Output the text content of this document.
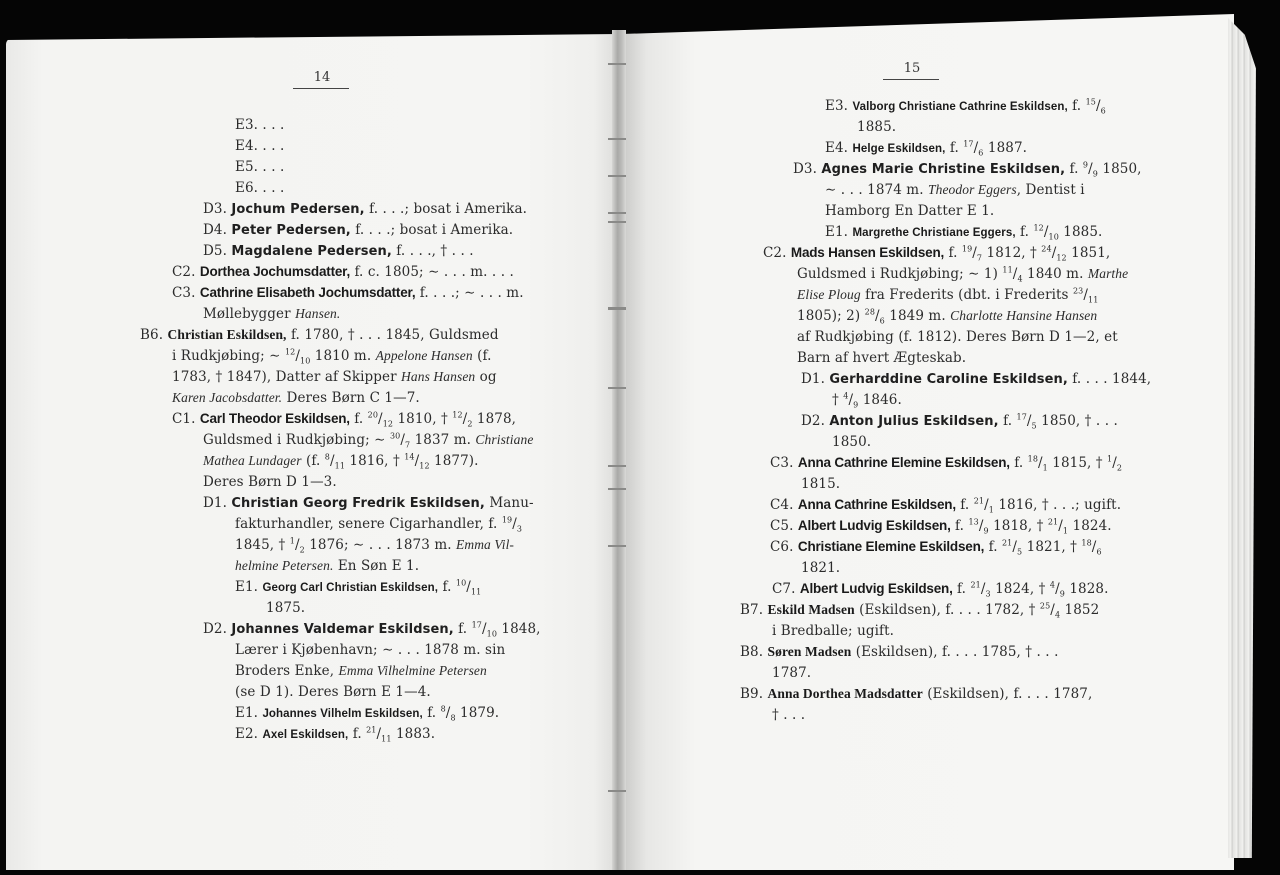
14
15
E3. . . .
E4. . . .
E5. . . .
E6. . . .
D3. Jochum Pedersen, f. . . .; bosat i Amerika.
D4. Peter Pedersen, f. . . .; bosat i Amerika.
D5. Magdalene Pedersen, f. . . ., † . . .
C2. Dorthea Jochumsdatter, f. c. 1805; ∼ . . . m. . . .
C3. Cathrine Elisabeth Jochumsdatter, f. . . .; ∼ . . . m.
Møllebygger Hansen.
B6. Christian Eskildsen, f. 1780, † . . . 1845, Guldsmed
i Rudkjøbing; ∼ $^{12}/_{10}$ 1810 m. Appelone Hansen (f.
1783, † 1847), Datter af Skipper Hans Hansen og
Karen Jacobsdatter. Deres Børn C 1—7.
C1. Carl Theodor Eskildsen, f. $^{20}/_{12}$ 1810, † $^{12}/_2$ 1878,
Guldsmed i Rudkjøbing; ∼ $^{30}/_7$ 1837 m. Christiane
Mathea Lundager (f. $^8/_{11}$ 1816, † $^{14}/_{12}$ 1877).
Deres Børn D 1—3.
D1. Christian Georg Fredrik Eskildsen, Manu-
fakturhandler, senere Cigarhandler, f. $^{19}/_3$
1845, † $^1/_2$ 1876; ∼ . . . 1873 m. Emma Vil-
helmine Petersen. En Søn E 1.
E1. Georg Carl Christian Eskildsen, f. $^{10}/_{11}$
1875.
D2. Johannes Valdemar Eskildsen, f. $^{17}/_{10}$ 1848,
Lærer i Kjøbenhavn; ∼ . . . 1878 m. sin
Broders Enke, Emma Vilhelmine Petersen
(se D 1). Deres Børn E 1—4.
E1. Johannes Vilhelm Eskildsen, f. $^8/_8$ 1879.
E2. Axel Eskildsen, f. $^{21}/_{11}$ 1883.
E3. Valborg Christiane Cathrine Eskildsen, f. $^{15}/_6$
1885.
E4. Helge Eskildsen, f. $^{17}/_6$ 1887.
D3. Agnes Marie Christine Eskildsen, f. $^9/_9$ 1850,
∼ . . . 1874 m. Theodor Eggers, Dentist i
Hamborg En Datter E 1.
E1. Margrethe Christiane Eggers, f. $^{12}/_{10}$ 1885.
C2. Mads Hansen Eskildsen, f. $^{19}/_7$ 1812, † $^{24}/_{12}$ 1851,
Guldsmed i Rudkjøbing; ∼ 1) $^{11}/_4$ 1840 m. Marthe
Elise Ploug fra Frederits (dbt. i Frederits $^{23}/_{11}$
1805); 2) $^{28}/_6$ 1849 m. Charlotte Hansine Hansen
af Rudkjøbing (f. 1812). Deres Børn D 1—2, et
Barn af hvert Ægteskab.
D1. Gerharddine Caroline Eskildsen, f. . . . 1844,
† $^4/_9$ 1846.
D2. Anton Julius Eskildsen, f. $^{17}/_5$ 1850, † . . .
1850.
C3. Anna Cathrine Elemine Eskildsen, f. $^{18}/_1$ 1815, † $^1/_2$
1815.
C4. Anna Cathrine Eskildsen, f. $^{21}/_1$ 1816, † . . .; ugift.
C5. Albert Ludvig Eskildsen, f. $^{13}/_9$ 1818, † $^{21}/_1$ 1824.
C6. Christiane Elemine Eskildsen, f. $^{21}/_5$ 1821, † $^{18}/_6$
1821.
C7. Albert Ludvig Eskildsen, f. $^{21}/_3$ 1824, † $^4/_9$ 1828.
B7. Eskild Madsen (Eskildsen), f. . . . 1782, † $^{25}/_4$ 1852
i Bredballe; ugift.
B8. Søren Madsen (Eskildsen), f. . . . 1785, † . . .
1787.
B9. Anna Dorthea Madsdatter (Eskildsen), f. . . . 1787,
† . . .
